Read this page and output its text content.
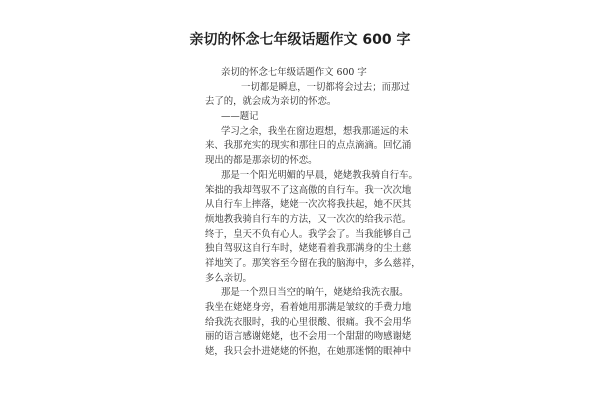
亲切的怀念七年级话题作文 600 字
亲切的怀念七年级话题作文 600 字
一切都是瞬息，一切都将会过去；而那过
去了的，就会成为亲切的怀恋。
——题记
学习之余，我坐在窗边遐想，想我那遥远的未
来、我那充实的现实和那往日的点点滴滴。回忆涌
现出的都是那亲切的怀恋。
那是一个阳光明媚的早晨，姥姥教我骑自行车。
笨拙的我却驾驭不了这高傲的自行车。我一次次地
从自行车上摔落，姥姥一次次将我扶起，她不厌其
烦地教我骑自行车的方法，又一次次的给我示范。
终于，皇天不负有心人。我学会了。当我能够自己
独自驾驭这自行车时，姥姥看着我那满身的尘土慈
祥地笑了。那笑容至今留在我的脑海中，多么慈祥，
多么亲切。
那是一个烈日当空的晌午，姥姥给我洗衣服。
我坐在姥姥身旁，看着她用那满是皱纹的手费力地
给我洗衣服时，我的心里很酸、很痛。我不会用华
丽的语言感谢姥姥，也不会用一个甜甜的吻感谢姥
姥，我只会扑进姥姥的怀抱，在她那迷惘的眼神中
